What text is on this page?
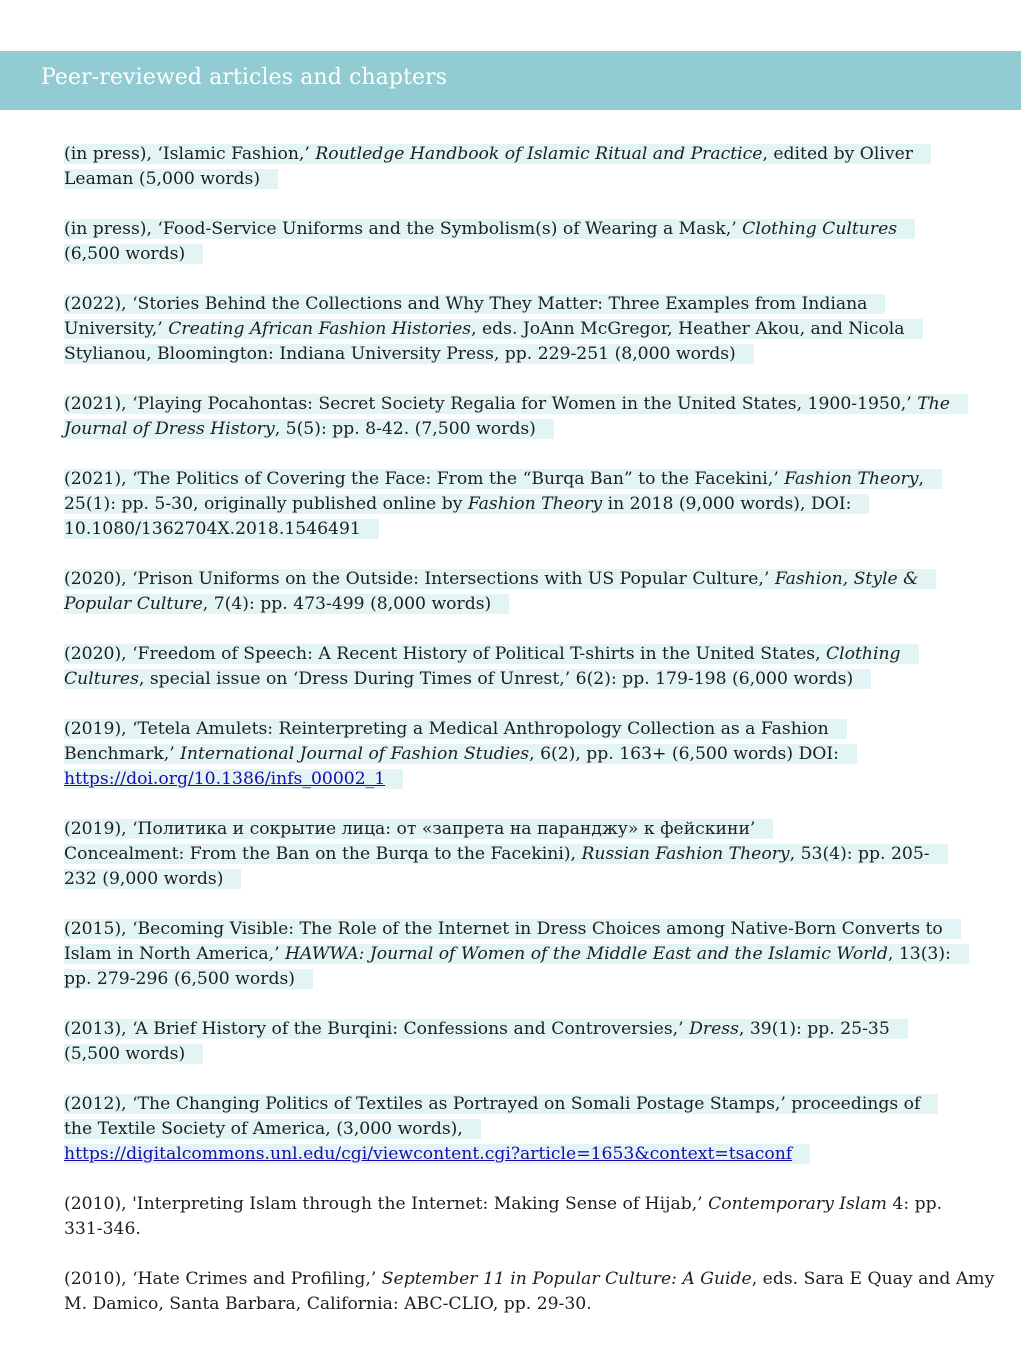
Peer-reviewed articles and chapters
(in press), ‘Islamic Fashion,’ Routledge Handbook of Islamic Ritual and Practice, edited by Oliver
Leaman (5,000 words)
(in press), ‘Food-Service Uniforms and the Symbolism(s) of Wearing a Mask,’ Clothing Cultures
(6,500 words)
(2022), ‘Stories Behind the Collections and Why They Matter: Three Examples from Indiana
University,’ Creating African Fashion Histories, eds. JoAnn McGregor, Heather Akou, and Nicola
Stylianou, Bloomington: Indiana University Press, pp. 229-251 (8,000 words)
(2021), ‘Playing Pocahontas: Secret Society Regalia for Women in the United States, 1900-1950,’ The
Journal of Dress History, 5(5): pp. 8-42. (7,500 words)
(2021), ‘The Politics of Covering the Face: From the “Burqa Ban” to the Facekini,’ Fashion Theory,
25(1): pp. 5-30, originally published online by Fashion Theory in 2018 (9,000 words), DOI:
10.1080/1362704X.2018.1546491
(2020), ‘Prison Uniforms on the Outside: Intersections with US Popular Culture,’ Fashion, Style &
Popular Culture, 7(4): pp. 473-499 (8,000 words)
(2020), ‘Freedom of Speech: A Recent History of Political T-shirts in the United States, Clothing
Cultures, special issue on ‘Dress During Times of Unrest,’ 6(2): pp. 179-198 (6,000 words)
(2019), ‘Tetela Amulets: Reinterpreting a Medical Anthropology Collection as a Fashion
Benchmark,’ International Journal of Fashion Studies, 6(2), pp. 163+ (6,500 words) DOI:
https://doi.org/10.1386/infs_00002_1
(2019), ‘Политика и сокрытие лица: от «запрета на паранджу» к фейскини’
Concealment: From the Ban on the Burqa to the Facekini), Russian Fashion Theory, 53(4): pp. 205-
232 (9,000 words)
(2015), ‘Becoming Visible: The Role of the Internet in Dress Choices among Native-Born Converts to
Islam in North America,’ HAWWA: Journal of Women of the Middle East and the Islamic World, 13(3):
pp. 279-296 (6,500 words)
(2013), ‘A Brief History of the Burqini: Confessions and Controversies,’ Dress, 39(1): pp. 25-35
(5,500 words)
(2012), ‘The Changing Politics of Textiles as Portrayed on Somali Postage Stamps,’ proceedings of
the Textile Society of America, (3,000 words),
https://digitalcommons.unl.edu/cgi/viewcontent.cgi?article=1653&context=tsaconf
(2010), 'Interpreting Islam through the Internet: Making Sense of Hijab,’ Contemporary Islam 4: pp.
331-346.
(2010), ‘Hate Crimes and Profiling,’ September 11 in Popular Culture: A Guide, eds. Sara E Quay and Amy
M. Damico, Santa Barbara, California: ABC-CLIO, pp. 29-30.
